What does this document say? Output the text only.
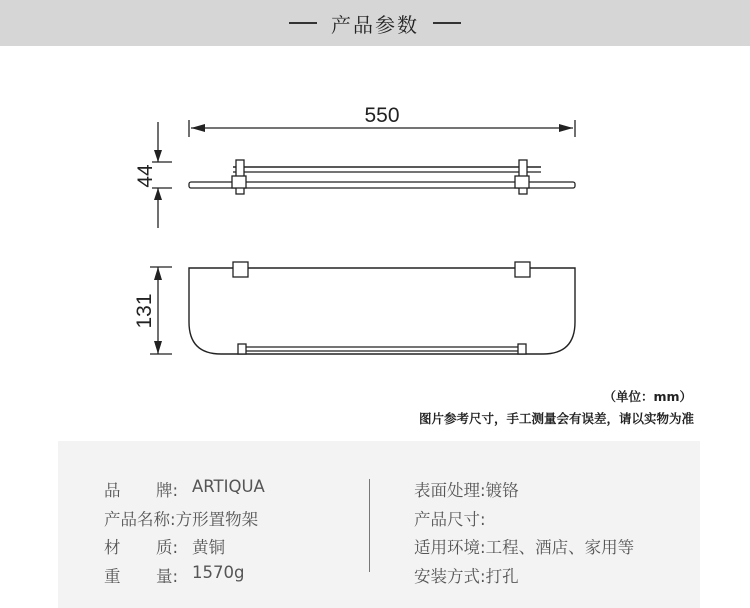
产品参数
550
44
131
（单位：mm）
图片参考尺寸，手工测量会有误差，请以实物为准
品 牌: ARTIQUA
产品名称: 方形置物架
材 质: 黄铜
重 量: 1570g
表面处理: 镀铬
产品尺寸:
适用环境: 工程、酒店、家用等
安装方式: 打孔
